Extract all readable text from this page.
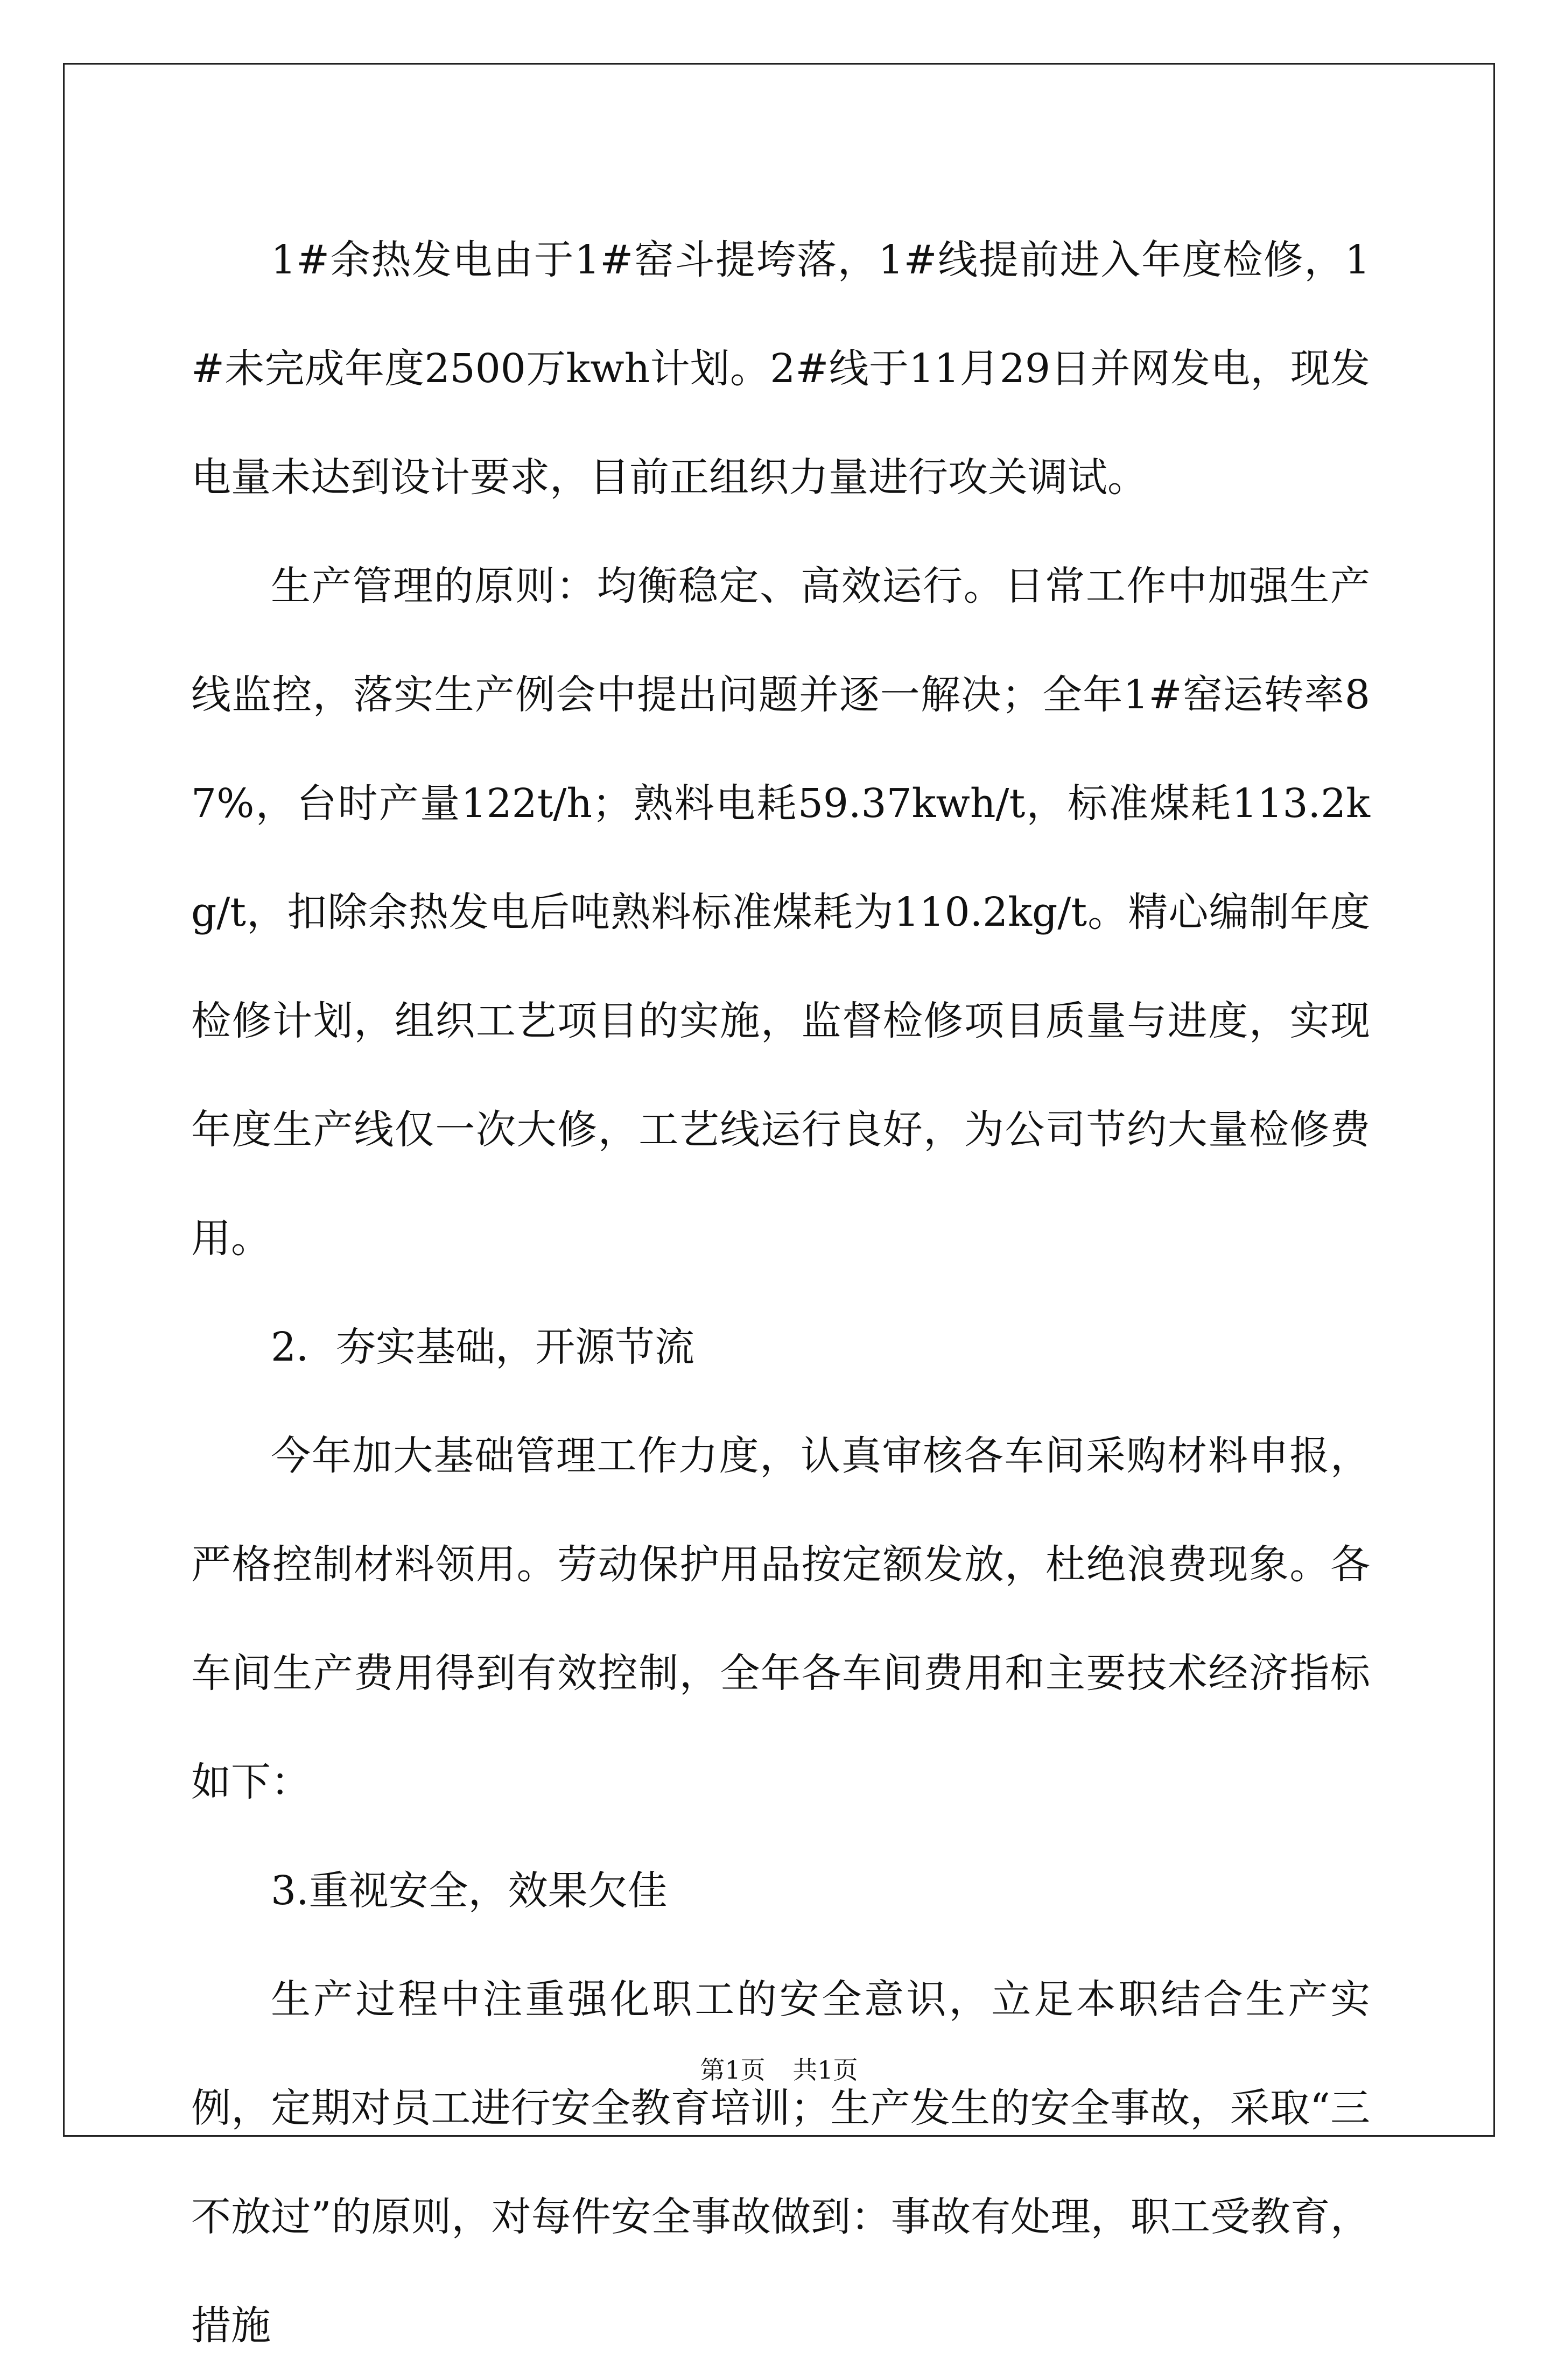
1#余热发电由于1#窑斗提垮落，1#线提前进入年度检修，1#未完成年度2500万kwh计划。2#线于11月29日并网发电，现发电量未达到设计要求，目前正组织力量进行攻关调试。

生产管理的原则：均衡稳定、高效运行。日常工作中加强生产线监控，落实生产例会中提出问题并逐一解决；全年1#窑运转率87%，台时产量122t/h；熟料电耗59.37kwh/t，标准煤耗113.2kg/t，扣除余热发电后吨熟料标准煤耗为110.2kg/t。精心编制年度检修计划，组织工艺项目的实施，监督检修项目质量与进度，实现年度生产线仅一次大修，工艺线运行良好，为公司节约大量检修费用。

2．夯实基础，开源节流

今年加大基础管理工作力度，认真审核各车间采购材料申报，严格控制材料领用。劳动保护用品按定额发放，杜绝浪费现象。各车间生产费用得到有效控制，全年各车间费用和主要技术经济指标如下：

3.重视安全，效果欠佳

生产过程中注重强化职工的安全意识，立足本职结合生产实例，定期对员工进行安全教育培训；生产发生的安全事故，采取“三不放过”的原则，对每件安全事故做到：事故有处理，职工受教育，措施

第1页 共1页
